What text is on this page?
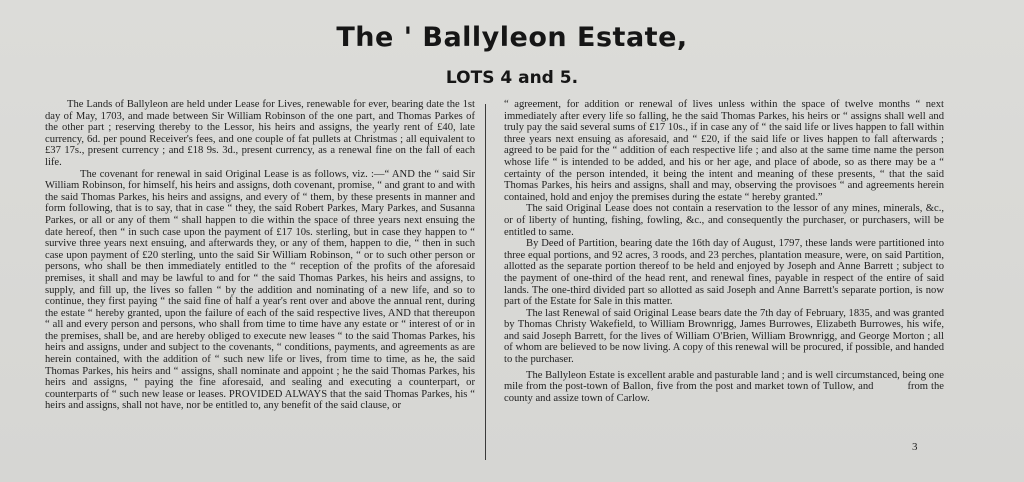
The ' Ballyleon Estate,
LOTS 4 and 5.

The Lands of Ballyleon are held under Lease for Lives, renewable for ever, bearing date the 1st day of May, 1703, and made between Sir William Robinson of the one part, and Thomas Parkes of the other part ; reserving thereby to the Lessor, his heirs and assigns, the yearly rent of £40, late currency, 6d. per pound Receiver's fees, and one couple of fat pullets at Christmas ; all equivalent to £37 17s., present currency ; and £18 9s. 3d., present currency, as a renewal fine on the fall of each life.

The covenant for renewal in said Original Lease is as follows, viz. :—“ AND the “ said Sir William Robinson, for himself, his heirs and assigns, doth covenant, promise, “ and grant to and with the said Thomas Parkes, his heirs and assigns, and every of “ them, by these presents in manner and form following, that is to say, that in case “ they, the said Robert Parkes, Mary Parkes, and Susanna Parkes, or all or any of them “ shall happen to die within the space of three years next ensuing the date hereof, then “ in such case upon the payment of £17 10s. sterling, but in case they happen to “ survive three years next ensuing, and afterwards they, or any of them, happen to die, “ then in such case upon payment of £20 sterling, unto the said Sir William Robinson, “ or to such other person or persons, who shall be then immediately entitled to the “ reception of the profits of the aforesaid premises, it shall and may be lawful to and for “ the said Thomas Parkes, his heirs and assigns, to supply, and fill up, the lives so fallen “ by the addition and nominating of a new life, and so to continue, they first paying “ the said fine of half a year's rent over and above the annual rent, during the estate “ hereby granted, upon the failure of each of the said respective lives, AND that thereupon “ all and every person and persons, who shall from time to time have any estate or “ interest of or in the premises, shall be, and are hereby obliged to execute new leases “ to the said Thomas Parkes, his heirs and assigns, under and subject to the covenants, “ conditions, payments, and agreements as are herein contained, with the addition of “ such new life or lives, from time to time, as he, the said Thomas Parkes, his heirs and “ assigns, shall nominate and appoint ; he the said Thomas Parkes, his heirs and assigns, “ paying the fine aforesaid, and sealing and executing a counterpart, or counterparts of “ such new lease or leases. PROVIDED ALWAYS that the said Thomas Parkes, his “ heirs and assigns, shall not have, nor be entitled to, any benefit of the said clause, or

“ agreement, for addition or renewal of lives unless within the space of twelve months “ next immediately after every life so falling, he the said Thomas Parkes, his heirs or “ assigns shall well and truly pay the said several sums of £17 10s., if in case any of “ the said life or lives happen to fall within three years next ensuing as aforesaid, and “ £20, if the said life or lives happen to fall afterwards ; agreed to be paid for the “ addition of each respective life ; and also at the same time name the person whose life “ is intended to be added, and his or her age, and place of abode, so as there may be a “ certainty of the person intended, it being the intent and meaning of these presents, “ that the said Thomas Parkes, his heirs and assigns, shall and may, observing the provisoes “ and agreements herein contained, hold and enjoy the premises during the estate “ hereby granted.”

The said Original Lease does not contain a reservation to the lessor of any mines, minerals, &c., or of liberty of hunting, fishing, fowling, &c., and consequently the purchaser, or purchasers, will be entitled to same.

By Deed of Partition, bearing date the 16th day of August, 1797, these lands were partitioned into three equal portions, and 92 acres, 3 roods, and 23 perches, plantation measure, were, on said Partition, allotted as the separate portion thereof to be held and enjoyed by Joseph and Anne Barrett ; subject to the payment of one-third of the head rent, and renewal fines, payable in respect of the entire of said lands. The one-third divided part so allotted as said Joseph and Anne Barrett's separate portion, is now part of the Estate for Sale in this matter.

The last Renewal of said Original Lease bears date the 7th day of February, 1835, and was granted by Thomas Christy Wakefield, to William Brownrigg, James Burrowes, Elizabeth Burrowes, his wife, and said Joseph Barrett, for the lives of William O'Brien, William Brownrigg, and George Morton ; all of whom are believed to be now living. A copy of this renewal will be procured, if possible, and handed to the purchaser.

The Ballyleon Estate is excellent arable and pasturable land ; and is well circumstanced, being one mile from the post-town of Ballon, five from the post and market town of Tullow, and	from the county and assize town of Carlow.

3
